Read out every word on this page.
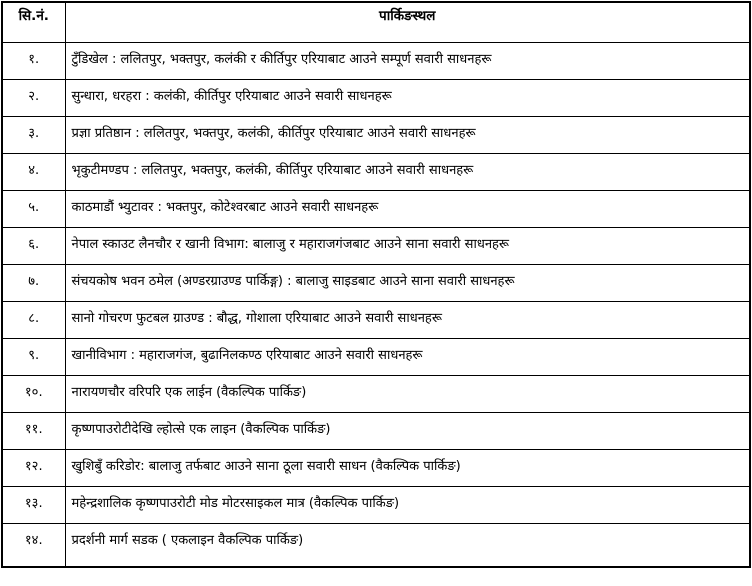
सि.नं.	पार्किङस्थल
१.	टुँडिखेल : ललितपुर, भक्तपुर, कलंकी र कीर्तिपुर एरियाबाट आउने सम्पूर्ण सवारी साधनहरू
२.	सुन्धारा, धरहरा : कलंकी, कीर्तिपुर एरियाबाट आउने सवारी साधनहरू
३.	प्रज्ञा प्रतिष्ठान : ललितपुर, भक्तपुर, कलंकी, कीर्तिपुर एरियाबाट आउने सवारी साधनहरू
४.	भृकुटीमण्डप : ललितपुर, भक्तपुर, कलंकी, कीर्तिपुर एरियाबाट आउने सवारी साधनहरू
५.	काठमाडौं भ्युटावर : भक्तपुर, कोटेश्वरबाट आउने सवारी साधनहरू
६.	नेपाल स्काउट लैनचौर र खानी विभाग: बालाजु र महाराजगंजबाट आउने साना सवारी साधनहरू
७.	संचयकोष भवन ठमेल (अण्डरग्राउण्ड पार्किङ्ग) : बालाजु साइडबाट आउने साना सवारी साधनहरू
८.	सानो गोचरण फुटबल ग्राउण्ड : बौद्ध, गोशाला एरियाबाट आउने सवारी साधनहरू
९.	खानीविभाग : महाराजगंज, बुढानिलकण्ठ एरियाबाट आउने सवारी साधनहरू
१०.	नारायणचौर वरिपरि एक लाईन (वैकल्पिक पार्किङ)
११.	कृष्णपाउरोटीदेखि ल्होत्से एक लाइन (वैकल्पिक पार्किङ)
१२.	खुशिबुँ करिडोर: बालाजु तर्फबाट आउने साना ठूला सवारी साधन (वैकल्पिक पार्किङ)
१३.	महेन्द्रशालिक कृष्णपाउरोटी मोड मोटरसाइकल मात्र (वैकल्पिक पार्किङ)
१४.	प्रदर्शनी मार्ग सडक ( एकलाइन वैकल्पिक पार्किङ)
